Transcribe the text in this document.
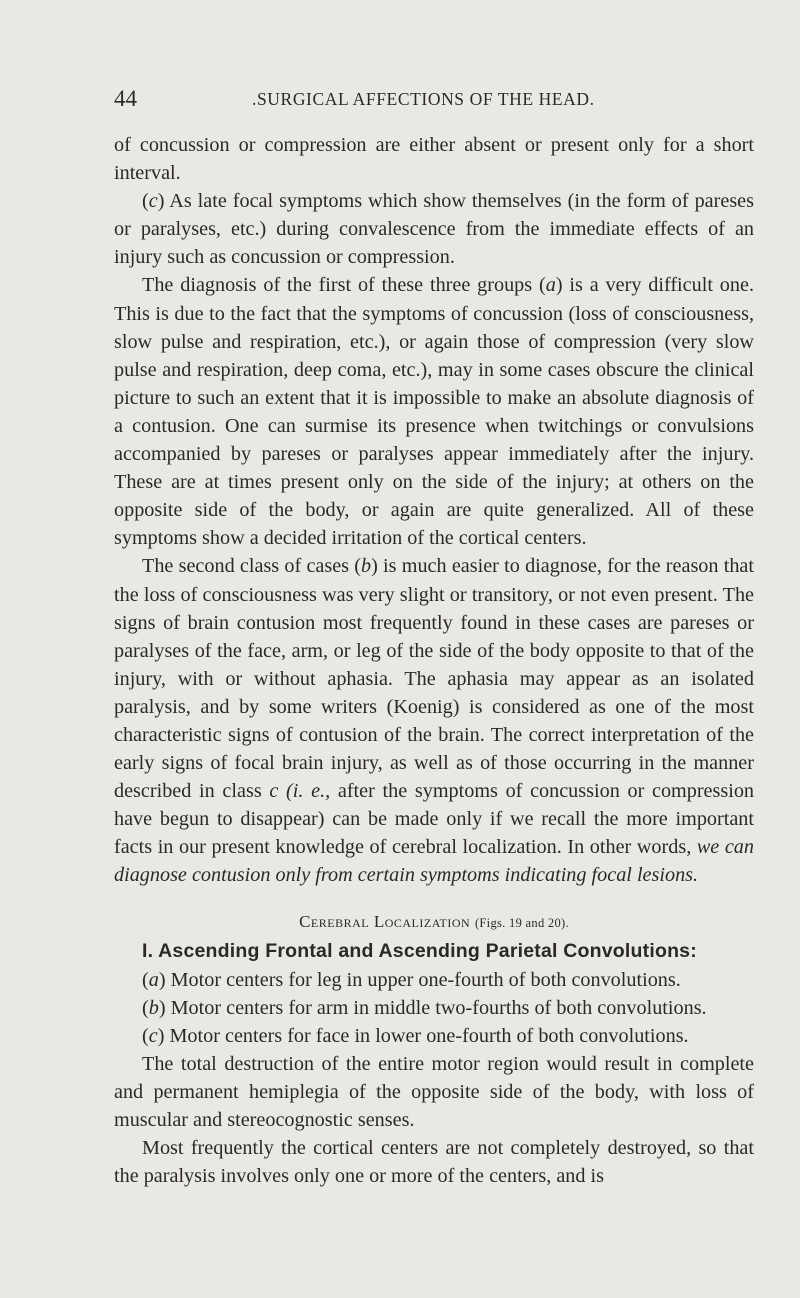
44	.SURGICAL AFFECTIONS OF THE HEAD.

of concussion or compression are either absent or present only for a short interval.

(c) As late focal symptoms which show themselves (in the form of pareses or paralyses, etc.) during convalescence from the immediate effects of an injury such as concussion or compression.

The diagnosis of the first of these three groups (a) is a very difficult one. This is due to the fact that the symptoms of concussion (loss of consciousness, slow pulse and respiration, etc.), or again those of compression (very slow pulse and respiration, deep coma, etc.), may in some cases obscure the clinical picture to such an extent that it is impossible to make an absolute diagnosis of a contusion. One can surmise its presence when twitchings or convulsions accompanied by pareses or paralyses appear immediately after the injury. These are at times present only on the side of the injury; at others on the opposite side of the body, or again are quite generalized. All of these symptoms show a decided irritation of the cortical centers.

The second class of cases (b) is much easier to diagnose, for the reason that the loss of consciousness was very slight or transitory, or not even present. The signs of brain contusion most frequently found in these cases are pareses or paralyses of the face, arm, or leg of the side of the body opposite to that of the injury, with or without aphasia. The aphasia may appear as an isolated paralysis, and by some writers (Koenig) is considered as one of the most characteristic signs of contusion of the brain. The correct interpretation of the early signs of focal brain injury, as well as of those occurring in the manner described in class c (i. e., after the symptoms of concussion or compression have begun to disappear) can be made only if we recall the more important facts in our present knowledge of cerebral localization. In other words, we can diagnose contusion only from certain symptoms indicating focal lesions.

Cerebral Localization (Figs. 19 and 20).
I. Ascending Frontal and Ascending Parietal Convolutions:

(a) Motor centers for leg in upper one-fourth of both convolutions.

(b) Motor centers for arm in middle two-fourths of both convolutions.

(c) Motor centers for face in lower one-fourth of both convolutions.

The total destruction of the entire motor region would result in complete and permanent hemiplegia of the opposite side of the body, with loss of muscular and stereocognostic senses.

Most frequently the cortical centers are not completely destroyed, so that the paralysis involves only one or more of the centers, and is
